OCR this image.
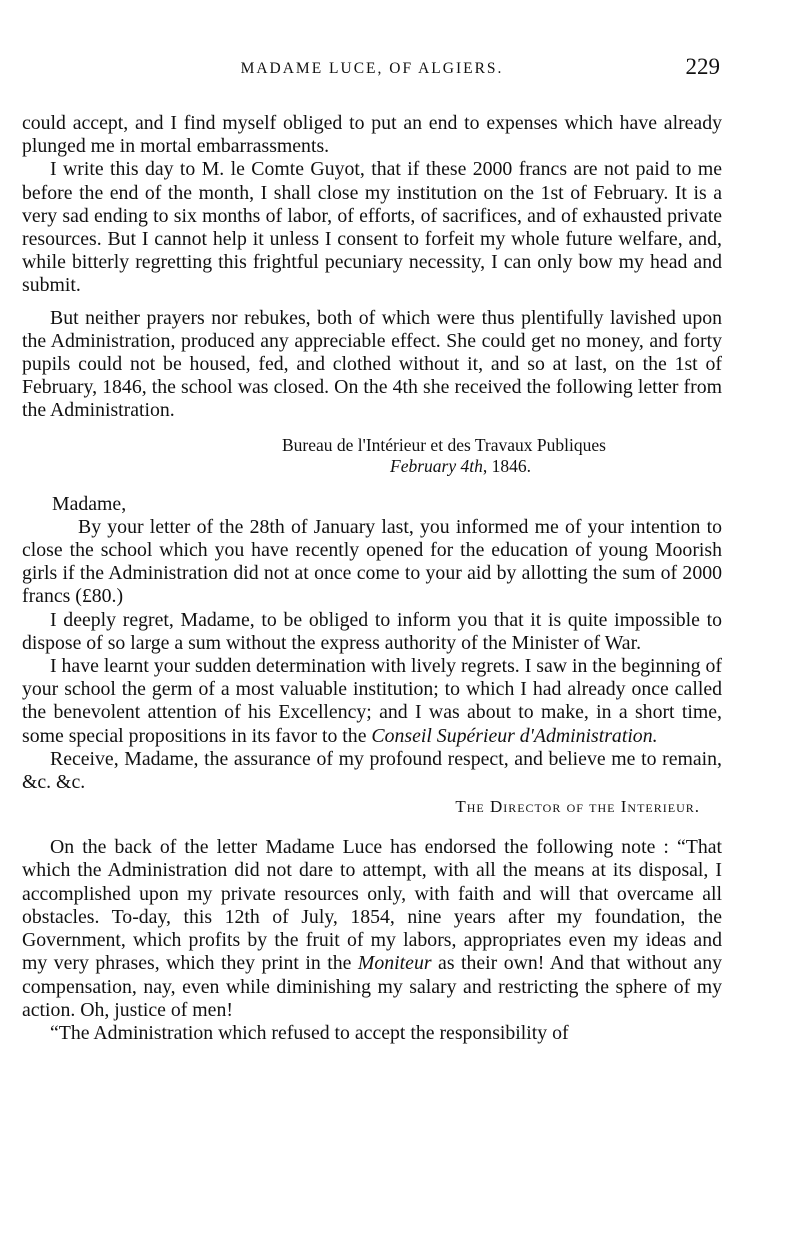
MADAME LUCE, OF ALGIERS.	229

could accept, and I find myself obliged to put an end to expenses which have already plunged me in mortal embarrassments.

I write this day to M. le Comte Guyot, that if these 2000 francs are not paid to me before the end of the month, I shall close my institution on the 1st of February. It is a very sad ending to six months of labor, of efforts, of sacrifices, and of exhausted private resources. But I cannot help it unless I consent to forfeit my whole future welfare, and, while bitterly regretting this frightful pecuniary necessity, I can only bow my head and submit.

But neither prayers nor rebukes, both of which were thus plentifully lavished upon the Administration, produced any appreciable effect. She could get no money, and forty pupils could not be housed, fed, and clothed without it, and so at last, on the 1st of February, 1846, the school was closed. On the 4th she received the following letter from the Administration.

Bureau de l'Intérieur et des Travaux Publiques
February 4th, 1846.
Madame,

By your letter of the 28th of January last, you informed me of your intention to close the school which you have recently opened for the education of young Moorish girls if the Administration did not at once come to your aid by allotting the sum of 2000 francs (£80.)

I deeply regret, Madame, to be obliged to inform you that it is quite impossible to dispose of so large a sum without the express authority of the Minister of War.

I have learnt your sudden determination with lively regrets. I saw in the beginning of your school the germ of a most valuable institution; to which I had already once called the benevolent attention of his Excellency; and I was about to make, in a short time, some special propositions in its favor to the Conseil Supérieur d'Administration.

Receive, Madame, the assurance of my profound respect, and believe me to remain, &c. &c.

The Director of the Interieur.

On the back of the letter Madame Luce has endorsed the following note : “That which the Administration did not dare to attempt, with all the means at its disposal, I accomplished upon my private resources only, with faith and will that overcame all obstacles. To-day, this 12th of July, 1854, nine years after my foundation, the Government, which profits by the fruit of my labors, appropriates even my ideas and my very phrases, which they print in the Moniteur as their own! And that without any compensation, nay, even while diminishing my salary and restricting the sphere of my action. Oh, justice of men!

“The Administration which refused to accept the responsibility of
